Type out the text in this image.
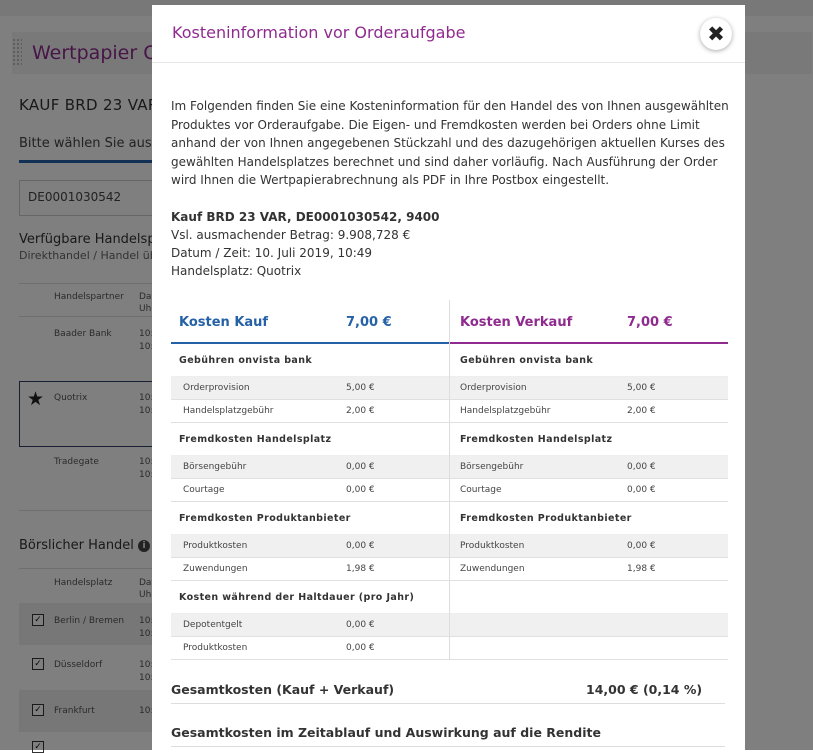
Kosteninformation vor Orderaufgabe	✖
Im Folgenden finden Sie eine Kosteninformation für den Handel des von Ihnen ausgewählten Produktes vor Orderaufgabe. Die Eigen- und Fremdkosten werden bei Orders ohne Limit anhand der von Ihnen angegebenen Stückzahl und des dazugehörigen aktuellen Kurses des gewählten Handelsplatzes berechnet und sind daher vorläufig. Nach Ausführung der Order wird Ihnen die Wertpapierabrechnung als PDF in Ihre Postbox eingestellt.
Kauf BRD 23 VAR, DE0001030542, 9400
Vsl. ausmachender Betrag: 9.908,728 €
Datum / Zeit: 10. Juli 2019, 10:49
Handelsplatz: Quotrix
Kosten Kauf	7,00 €
Gebühren onvista bank
Orderprovision	5,00 €
Handelsplatzgebühr	2,00 €
Fremdkosten Handelsplatz
Börsengebühr	0,00 €
Courtage	0,00 €
Fremdkosten Produktanbieter
Produktkosten	0,00 €
Zuwendungen	1,98 €
Kosten während der Haltdauer (pro Jahr)
Depotentgelt	0,00 €
Produktkosten	0,00 €
Kosten Verkauf	7,00 €
Gebühren onvista bank
Orderprovision	5,00 €
Handelsplatzgebühr	2,00 €
Fremdkosten Handelsplatz
Börsengebühr	0,00 €
Courtage	0,00 €
Fremdkosten Produktanbieter
Produktkosten	0,00 €
Zuwendungen	1,98 €
Gesamtkosten (Kauf + Verkauf)	14,00 € (0,14 %)
Gesamtkosten im Zeitablauf und Auswirkung auf die Rendite
